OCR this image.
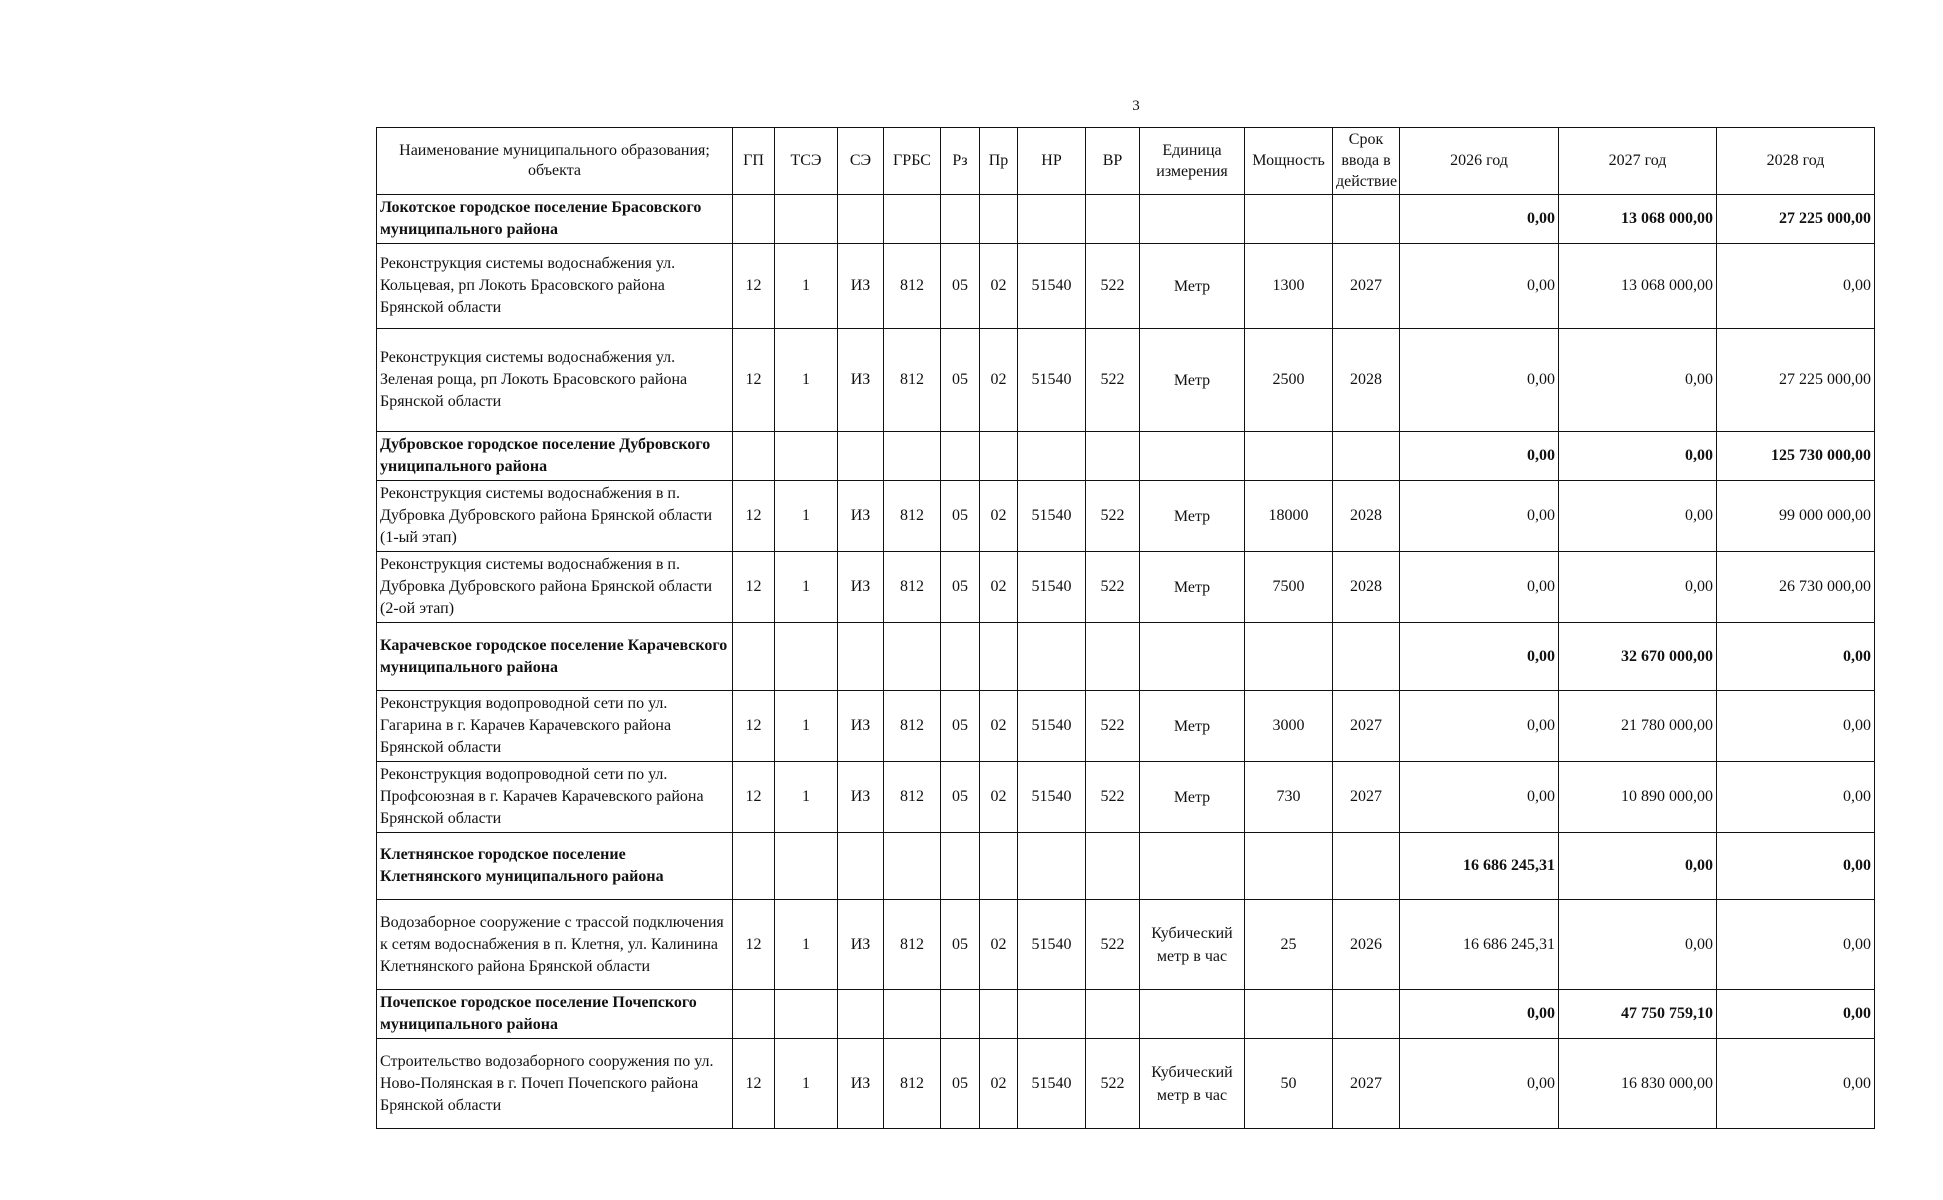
3
Наименование муниципального образования; объекта	ГП	ТСЭ	СЭ	ГРБС	Рз	Пр	НР	ВР	Единица измерения	Мощность	Срок ввода в действие	2026 год	2027 год	2028 год
Локотское городское поселение Брасовского муниципального района												0,00	13 068 000,00	27 225 000,00
Реконструкция системы водоснабжения ул. Кольцевая, рп Локоть Брасовского района Брянской области	12	1	ИЗ	812	05	02	51540	522	Метр	1300	2027	0,00	13 068 000,00	0,00
Реконструкция системы водоснабжения ул. Зеленая роща, рп Локоть Брасовского района Брянской области	12	1	ИЗ	812	05	02	51540	522	Метр	2500	2028	0,00	0,00	27 225 000,00
Дубровское городское поселение Дубровского униципального района												0,00	0,00	125 730 000,00
Реконструкция системы водоснабжения в п. Дубровка Дубровского района Брянской области (1-ый этап)	12	1	ИЗ	812	05	02	51540	522	Метр	18000	2028	0,00	0,00	99 000 000,00
Реконструкция системы водоснабжения в п. Дубровка Дубровского района Брянской области (2-ой этап)	12	1	ИЗ	812	05	02	51540	522	Метр	7500	2028	0,00	0,00	26 730 000,00
Карачевское городское поселение Карачевского муниципального района												0,00	32 670 000,00	0,00
Реконструкция водопроводной сети по ул. Гагарина в г. Карачев Карачевского района Брянской области	12	1	ИЗ	812	05	02	51540	522	Метр	3000	2027	0,00	21 780 000,00	0,00
Реконструкция водопроводной сети по ул. Профсоюзная в г. Карачев Карачевского района Брянской области	12	1	ИЗ	812	05	02	51540	522	Метр	730	2027	0,00	10 890 000,00	0,00
Клетнянское городское поселение Клетнянского муниципального района												16 686 245,31	0,00	0,00
Водозаборное сооружение с трассой подключения к сетям водоснабжения в п. Клетня, ул. Калинина Клетнянского района Брянской области	12	1	ИЗ	812	05	02	51540	522	Кубический метр в час	25	2026	16 686 245,31	0,00	0,00
Почепское городское поселение Почепского муниципального района												0,00	47 750 759,10	0,00
Строительство водозаборного сооружения по ул. Ново-Полянская в г. Почеп Почепского района Брянской области	12	1	ИЗ	812	05	02	51540	522	Кубический метр в час	50	2027	0,00	16 830 000,00	0,00
